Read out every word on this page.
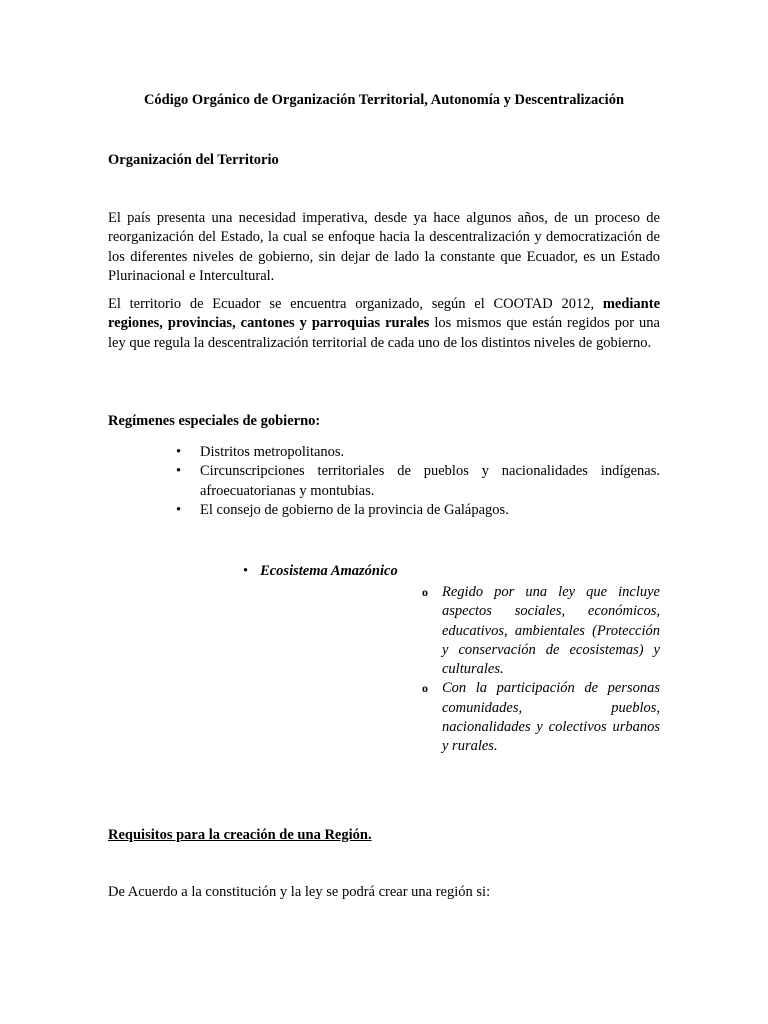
Código Orgánico de Organización Territorial, Autonomía y Descentralización
Organización del Territorio
El país presenta una necesidad imperativa, desde ya hace algunos años, de un proceso de reorganización del Estado, la cual se enfoque hacia la descentralización y democratización de los diferentes niveles de gobierno, sin dejar de lado la constante que Ecuador, es un Estado Plurinacional e Intercultural.
El territorio de Ecuador se encuentra organizado, según el COOTAD 2012, mediante regiones, provincias, cantones y parroquias rurales los mismos que están regidos por una ley que regula la descentralización territorial de cada uno de los distintos niveles de gobierno.
Regímenes especiales de gobierno:
• Distritos metropolitanos.
• Circunscripciones territoriales de pueblos y nacionalidades indígenas. afroecuatorianas y montubias.
• El consejo de gobierno de la provincia de Galápagos.
• Ecosistema Amazónico
o Regido por una ley que incluye aspectos sociales, económicos, educativos, ambientales (Protección y conservación de ecosistemas) y culturales.
o Con la participación de personas comunidades, pueblos, nacionalidades y colectivos urbanos y rurales.
Requisitos para la creación de una Región.
De Acuerdo a la constitución y la ley se podrá crear una región si:
